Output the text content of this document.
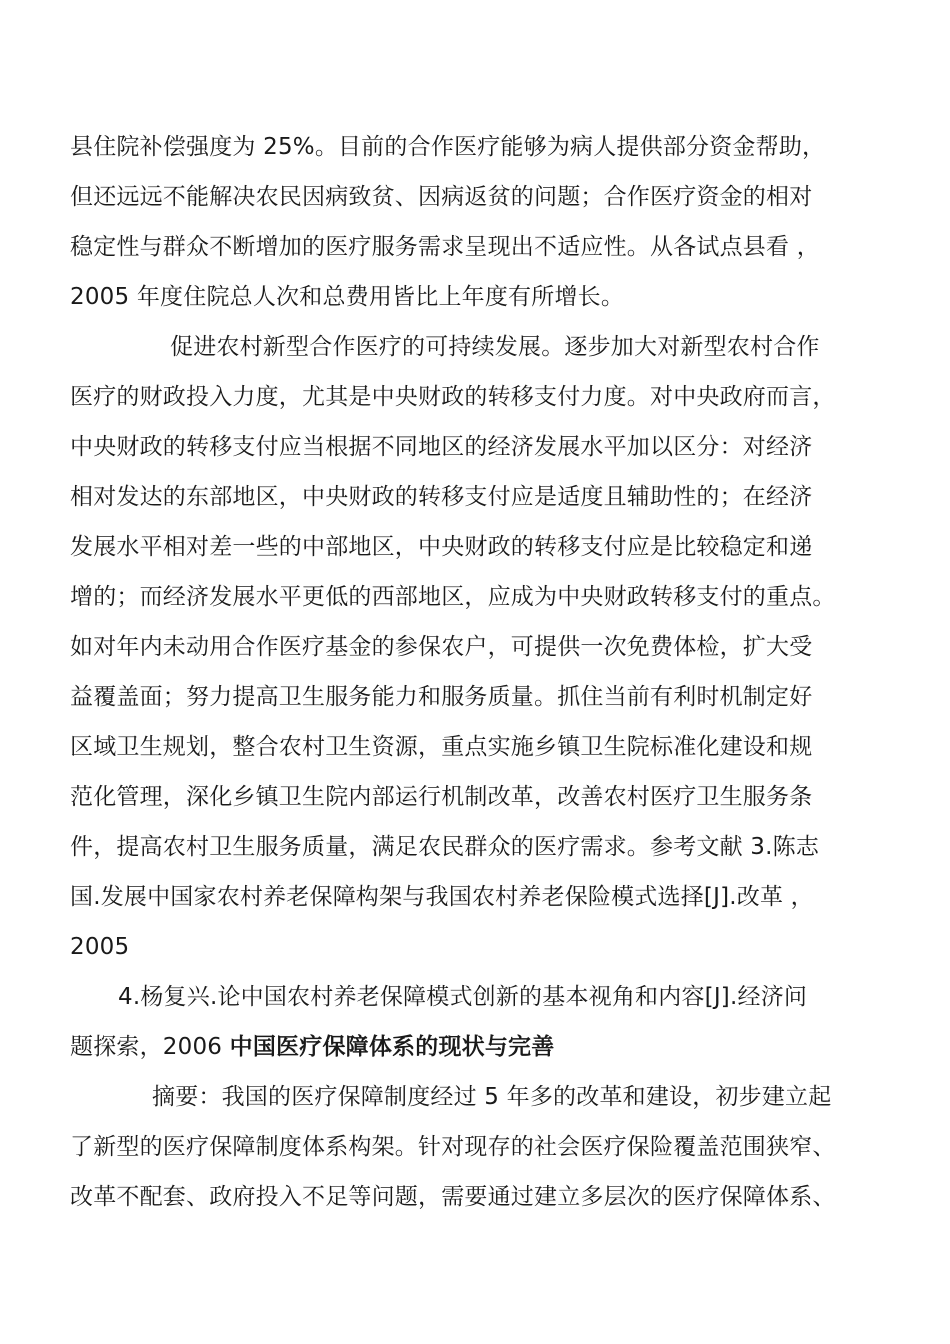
县住院补偿强度为 25%。目前的合作医疗能够为病人提供部分资金帮助，
但还远远不能解决农民因病致贫、因病返贫的问题；合作医疗资金的相对
稳定性与群众不断增加的医疗服务需求呈现出不适应性。从各试点县看 ，
2005 年度住院总人次和总费用皆比上年度有所增长。
促进农村新型合作医疗的可持续发展。逐步加大对新型农村合作
医疗的财政投入力度，尤其是中央财政的转移支付力度。对中央政府而言，
中央财政的转移支付应当根据不同地区的经济发展水平加以区分：对经济
相对发达的东部地区，中央财政的转移支付应是适度且辅助性的；在经济
发展水平相对差一些的中部地区，中央财政的转移支付应是比较稳定和递
增的；而经济发展水平更低的西部地区，应成为中央财政转移支付的重点。
如对年内未动用合作医疗基金的参保农户，可提供一次免费体检，扩大受
益覆盖面；努力提高卫生服务能力和服务质量。抓住当前有利时机制定好
区域卫生规划，整合农村卫生资源，重点实施乡镇卫生院标准化建设和规
范化管理，深化乡镇卫生院内部运行机制改革，改善农村医疗卫生服务条
件，提高农村卫生服务质量，满足农民群众的医疗需求。参考文献 3.陈志
国.发展中国家农村养老保障构架与我国农村养老保险模式选择[J].改革 ，
2005
4.杨复兴.论中国农村养老保障模式创新的基本视角和内容[J].经济问
题探索，2006 中国医疗保障体系的现状与完善
摘要：我国的医疗保障制度经过 5 年多的改革和建设，初步建立起
了新型的医疗保障制度体系构架。针对现存的社会医疗保险覆盖范围狭窄、
改革不配套、政府投入不足等问题，需要通过建立多层次的医疗保障体系、
